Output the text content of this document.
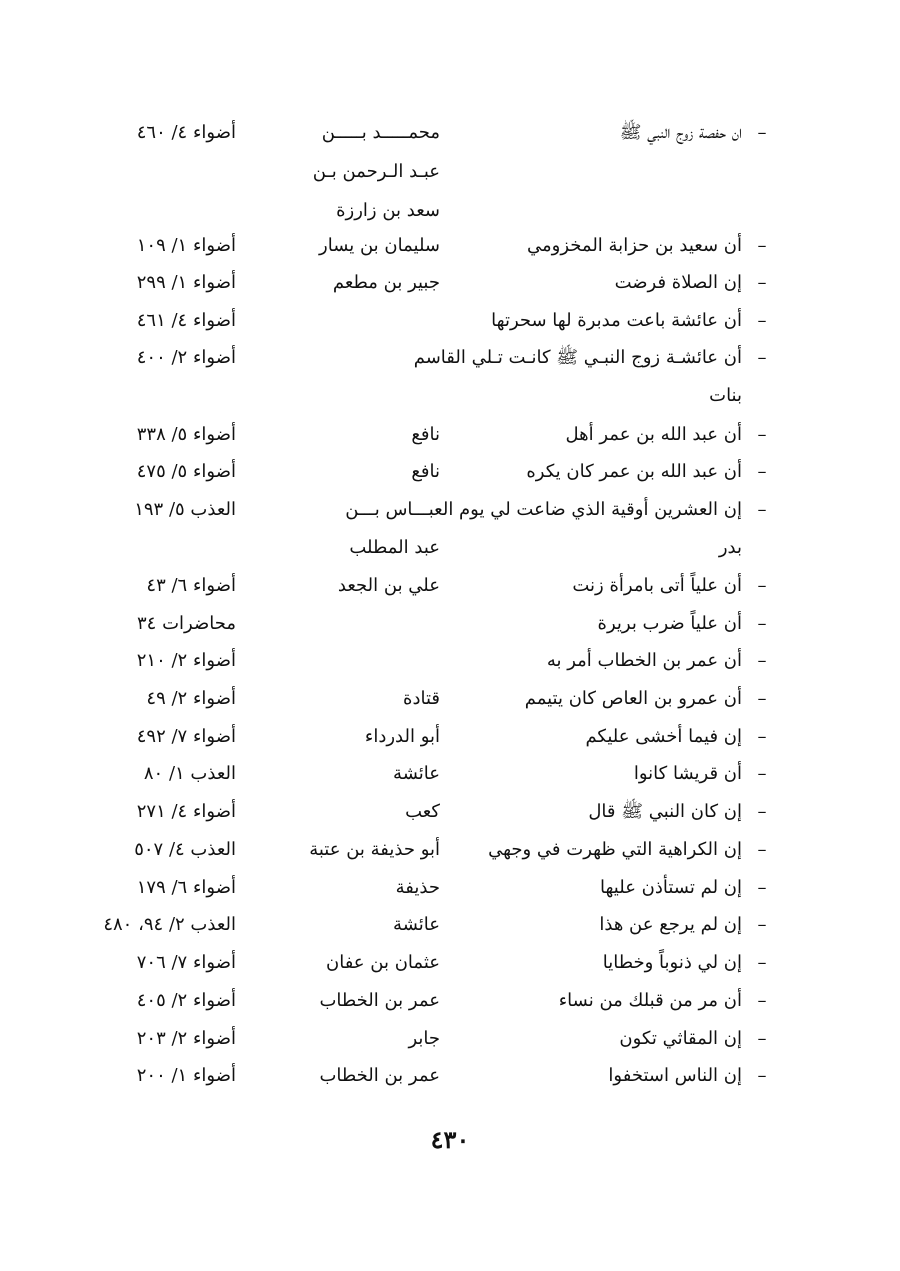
–
ان حفصة زوج النبي ﷺ
محمـــــد بـــــن
أضواء ٤/ ٤٦٠
عبـد الـرحمن بـن
سعد بن زارزة
–
أن سعيد بن حزابة المخزومي
سليمان بن يسار
أضواء ١/ ١٠٩
–
إن الصلاة فرضت
جبير بن مطعم
أضواء ١/ ٢٩٩
–
أن عائشة باعت مدبرة لها سحرتها
أضواء ٤/ ٤٦١
–
أن عائشـة زوج النبـي ﷺ كانـت تـلي القاسم
أضواء ٢/ ٤٠٠
بنات
–
أن عبد الله بن عمر أهل
نافع
أضواء ٥/ ٣٣٨
–
أن عبد الله بن عمر كان يكره
نافع
أضواء ٥/ ٤٧٥
–
إن العشرين أوقية الذي ضاعت لي يوم العبـــاس بـــن
العذب ٥/ ١٩٣
بدر
عبد المطلب
–
أن علياً أتى بامرأة زنت
علي بن الجعد
أضواء ٦/ ٤٣
–
أن علياً ضرب بريرة
محاضرات ٣٤
–
أن عمر بن الخطاب أمر به
أضواء ٢/ ٢١٠
–
أن عمرو بن العاص كان يتيمم
قتادة
أضواء ٢/ ٤٩
–
إن فيما أخشى عليكم
أبو الدرداء
أضواء ٧/ ٤٩٢
–
أن قريشا كانوا
عائشة
العذب ١/ ٨٠
–
إن كان النبي ﷺ قال
كعب
أضواء ٤/ ٢٧١
–
إن الكراهية التي ظهرت في وجهي
أبو حذيفة بن عتبة
العذب ٤/ ٥٠٧
–
إن لم تستأذن عليها
حذيفة
أضواء ٦/ ١٧٩
–
إن لم يرجع عن هذا
عائشة
العذب ٢/ ٩٤، ٤٨٠
–
إن لي ذنوباً وخطايا
عثمان بن عفان
أضواء ٧/ ٧٠٦
–
أن مر من قبلك من نساء
عمر بن الخطاب
أضواء ٢/ ٤٠٥
–
إن المقاثي تكون
جابر
أضواء ٢/ ٢٠٣
–
إن الناس استخفوا
عمر بن الخطاب
أضواء ١/ ٢٠٠
٤٣٠
